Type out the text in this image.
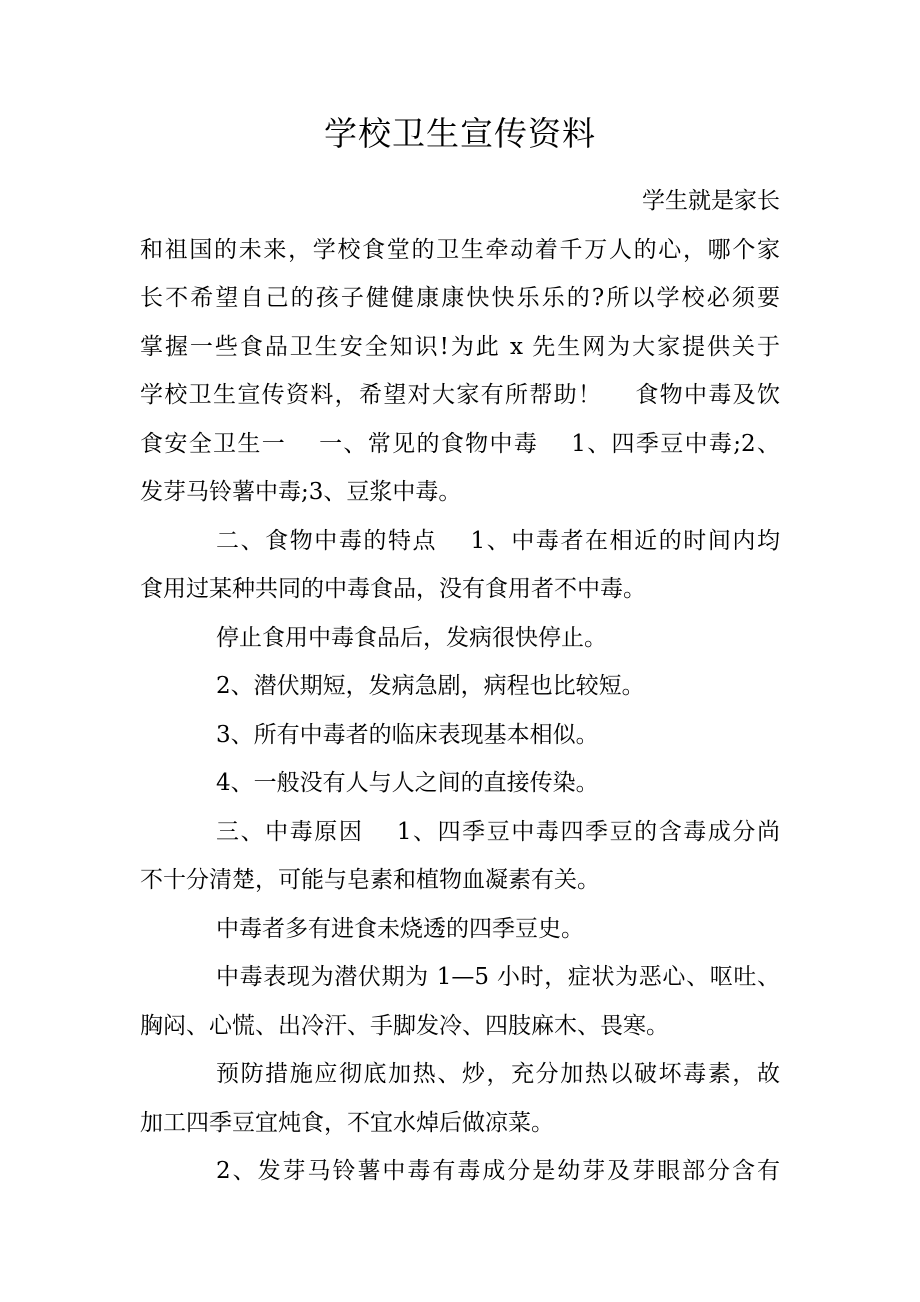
学校卫生宣传资料
学生就是家长
和祖国的未来，学校食堂的卫生牵动着千万人的心，哪个家
长不希望自己的孩子健健康康快快乐乐的?所以学校必须要
掌握一些食品卫生安全知识!为此 x 先生网为大家提供关于
学校卫生宣传资料，希望对大家有所帮助！　 食物中毒及饮
食安全卫生一　 一、常见的食物中毒　 1、四季豆中毒;2、
发芽马铃薯中毒;3、豆浆中毒。
二、食物中毒的特点　 1、中毒者在相近的时间内均
食用过某种共同的中毒食品，没有食用者不中毒。
停止食用中毒食品后，发病很快停止。
2、潜伏期短，发病急剧，病程也比较短。
3、所有中毒者的临床表现基本相似。
4、一般没有人与人之间的直接传染。
三、中毒原因　 1、四季豆中毒四季豆的含毒成分尚
不十分清楚，可能与皂素和植物血凝素有关。
中毒者多有进食未烧透的四季豆史。
中毒表现为潜伏期为 1—5 小时，症状为恶心、呕吐、
胸闷、心慌、出冷汗、手脚发冷、四肢麻木、畏寒。
预防措施应彻底加热、炒，充分加热以破坏毒素，故
加工四季豆宜炖食，不宜水焯后做凉菜。
2、发芽马铃薯中毒有毒成分是幼芽及芽眼部分含有
